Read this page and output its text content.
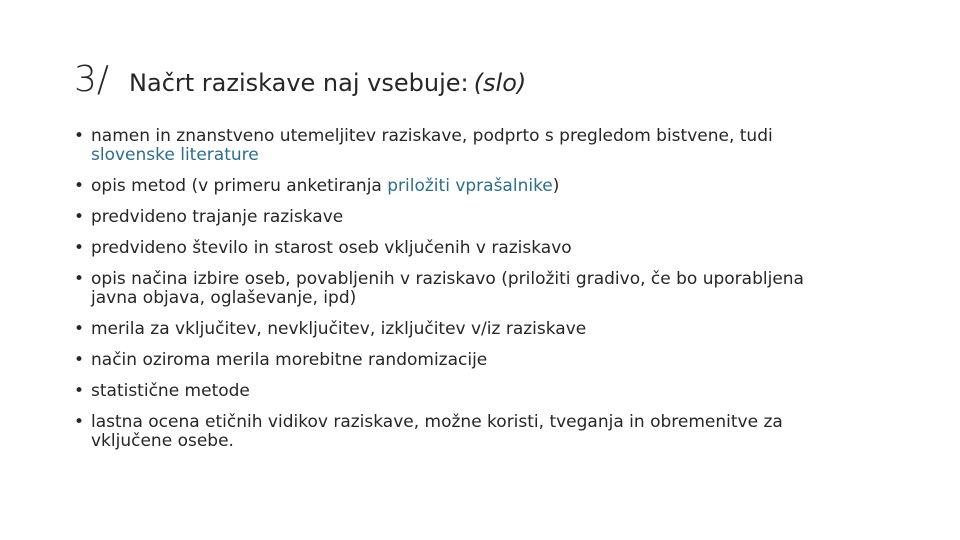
3/ Načrt raziskave naj vsebuje: (slo)
• namen in znanstveno utemeljitev raziskave, podprto s pregledom bistvene, tudi slovenske literature
• opis metod (v primeru anketiranja priložiti vprašalnike)
• predvideno trajanje raziskave
• predvideno število in starost oseb vključenih v raziskavo
• opis načina izbire oseb, povabljenih v raziskavo (priložiti gradivo, če bo uporabljena javna objava, oglaševanje, ipd)
• merila za vključitev, nevključitev, izključitev v/iz raziskave
• način oziroma merila morebitne randomizacije
• statistične metode
• lastna ocena etičnih vidikov raziskave, možne koristi, tveganja in obremenitve za vključene osebe.
